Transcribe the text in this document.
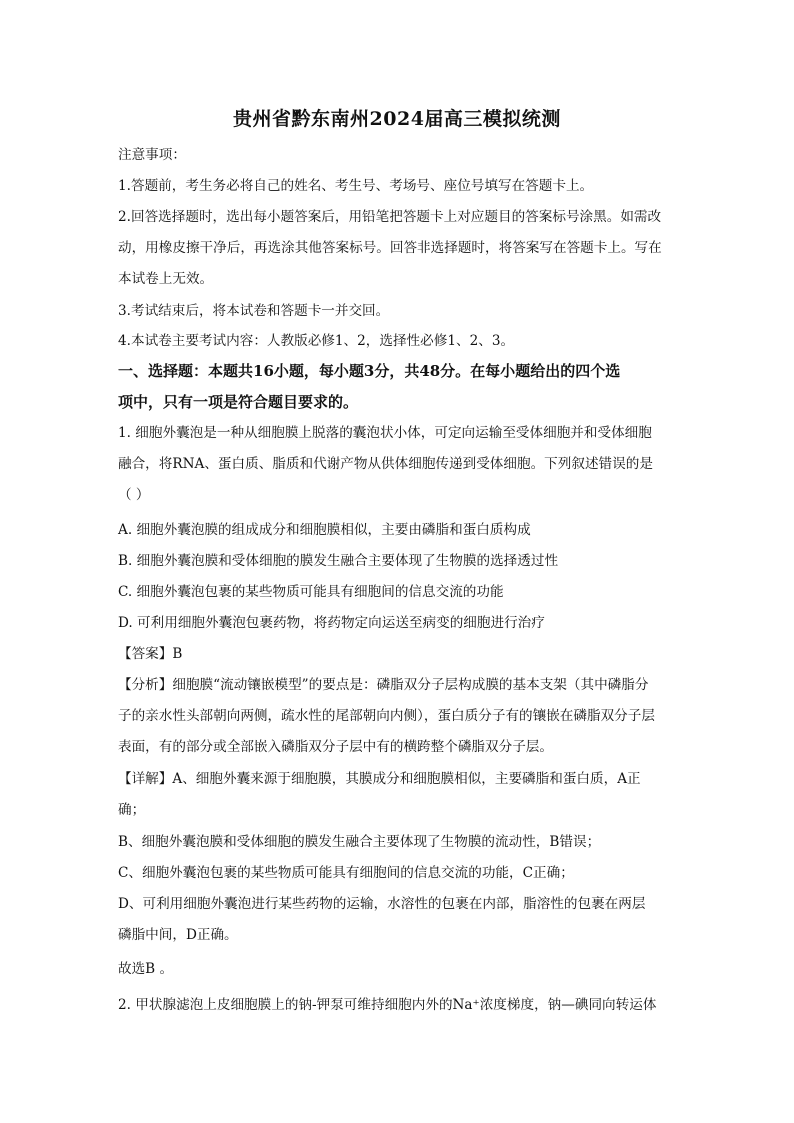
贵州省黔东南州2024届高三模拟统测
注意事项：
1.答题前，考生务必将自己的姓名、考生号、考场号、座位号填写在答题卡上。
2.回答选择题时，选出每小题答案后，用铅笔把答题卡上对应题目的答案标号涂黑。如需改
动，用橡皮擦干净后，再选涂其他答案标号。回答非选择题时，将答案写在答题卡上。写在
本试卷上无效。
3.考试结束后，将本试卷和答题卡一并交回。
4.本试卷主要考试内容：人教版必修1、2，选择性必修1、2、3。
一、选择题：本题共16小题，每小题3分，共48分。在每小题给出的四个选
项中，只有一项是符合题目要求的。
1. 细胞外囊泡是一种从细胞膜上脱落的囊泡状小体，可定向运输至受体细胞并和受体细胞
融合，将RNA、蛋白质、脂质和代谢产物从供体细胞传递到受体细胞。下列叙述错误的是
（ ）
A. 细胞外囊泡膜的组成成分和细胞膜相似，主要由磷脂和蛋白质构成
B. 细胞外囊泡膜和受体细胞的膜发生融合主要体现了生物膜的选择透过性
C. 细胞外囊泡包裹的某些物质可能具有细胞间的信息交流的功能
D. 可利用细胞外囊泡包裹药物，将药物定向运送至病变的细胞进行治疗
【答案】B
【分析】细胞膜“流动镶嵌模型”的要点是：磷脂双分子层构成膜的基本支架（其中磷脂分
子的亲水性头部朝向两侧，疏水性的尾部朝向内侧），蛋白质分子有的镶嵌在磷脂双分子层
表面，有的部分或全部嵌入磷脂双分子层中有的横跨整个磷脂双分子层。
【详解】A、细胞外囊来源于细胞膜，其膜成分和细胞膜相似，主要磷脂和蛋白质，A正
确；
B、细胞外囊泡膜和受体细胞的膜发生融合主要体现了生物膜的流动性，B错误；
C、细胞外囊泡包裹的某些物质可能具有细胞间的信息交流的功能，C正确；
D、可利用细胞外囊泡进行某些药物的运输，水溶性的包裹在内部，脂溶性的包裹在两层
磷脂中间，D正确。
故选B 。
2. 甲状腺滤泡上皮细胞膜上的钠-钾泵可维持细胞内外的Na⁺浓度梯度，钠—碘同向转运体
